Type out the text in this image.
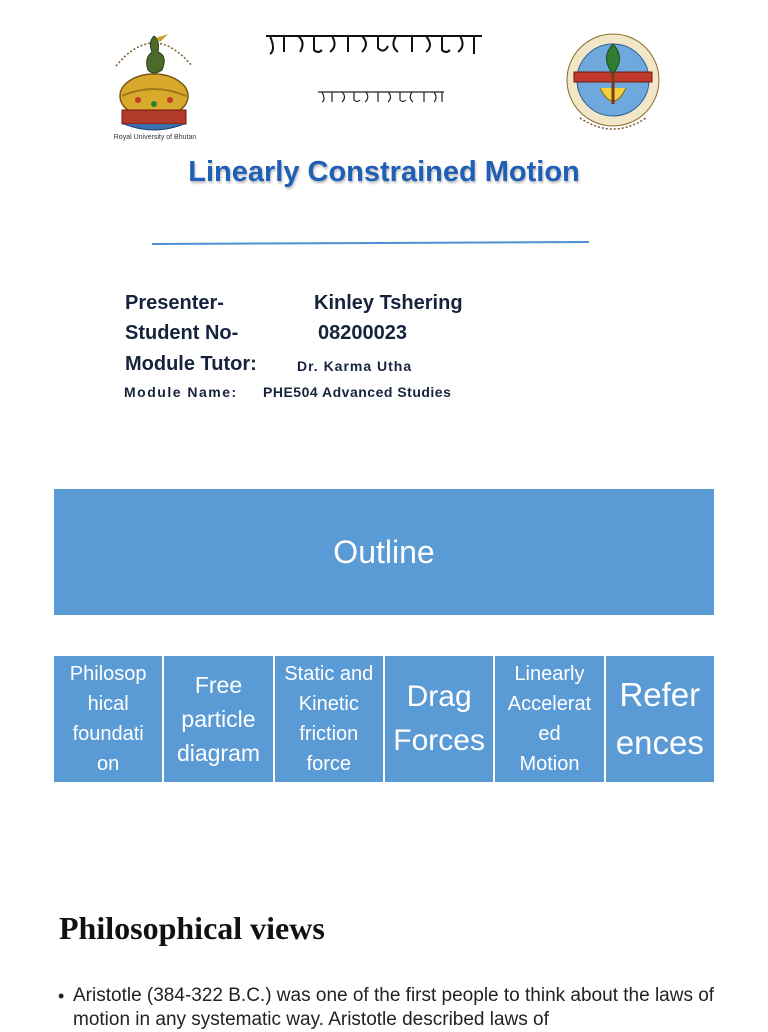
Royal University of Bhutan
Linearly Constrained Motion
Presenter-	Kinley Tshering
Student No-	08200023
Module Tutor:	Dr. Karma Utha
Module Name: PHE504 Advanced Studies
Outline
Philosop
hical
foundati
on
Free
particle
diagram
Static and
Kinetic
friction
force
Drag
Forces
Linearly
Accelerat
ed
Motion
Refer
ences
Philosophical views
• Aristotle (384-322 B.C.) was one of the first people to think about the laws of motion in any systematic way. Aristotle described laws of
